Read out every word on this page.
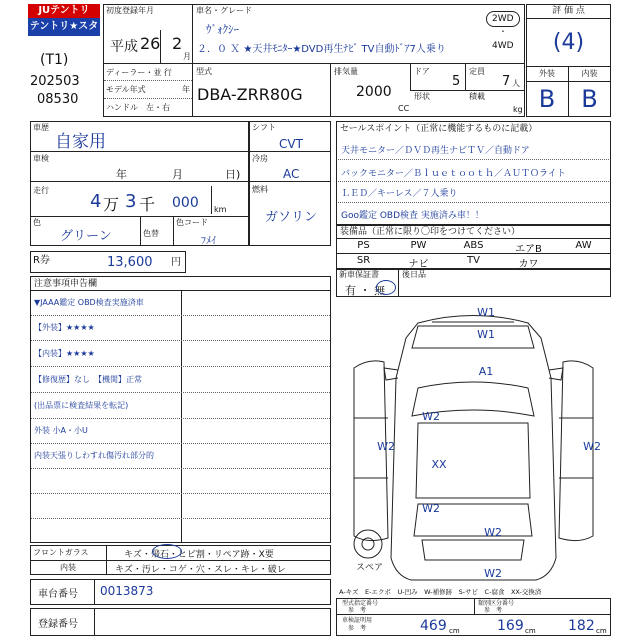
JUテントリ
テントリ★スター
(T1)
202503
08530
初度登録年月
平成 26 2
月
車名・グレード
ｳﾞｫｸｼｰ
２．０ Ｘ ★天井ﾓﾆﾀｰ★DVD再生ﾅﾋﾞ TV自動ﾄﾞｱ7人乗り
2WD
・
4WD
ディーラー・並 行
モデル年式	年
ハンドル　左・右
型式
DBA-ZRR80G
排気量
2000
CC
ドア
5
定員
7 人
形状	積載
kg
評 価 点
(4)
外装	内装
B	B
車歴
自家用
車検
年	月	日)
走行
4 万 3 千 000 km
色
グリーン	色替
色コード
ﾌﾒｲ
シフト
CVT
冷房
AC
燃料
ガソリン
セールスポイント（正常に機能するものに記載）
天井モニター／ＤＶＤ再生ナビＴＶ／自動ドア
バックモニター／Ｂｌｕｅｔｏｏｔｈ／ＡＵＴＯライト
ＬＥＤ／キーレス／７人乗り
Goo鑑定 OBD検査 実施済み車！！
装備品（正常に限り〇印をつけてください）
PS	PW	ABS	エアB	AW
SR	ナビ	TV	カワ
新車保証書
有 ・ 無
後日品
R券	13,600 円
注意事項申告欄
▼JAAA鑑定 OBD検査実施済車
【外装】★★★★
【内装】★★★★
【修復歴】なし　【機関】正常
(出品票に検査結果を転記)
外装 小A・小U
内装天張りしわすれ傷汚れ部分的
フロントガラス	キズ・飛石・ヒビ割・リペア跡・X要
内装	キズ・汚レ・コゲ・穴・スレ・キレ・破レ
車台番号 0013873
登録番号
W1
W1
A1
W2
W2	W2
XX
W2
W2
W2
スペア
A-キズ　E-エクボ　U-凹み　W-補修跡　S-サビ　C-腐食　XX-交換済
型式指定番号
参　考
類別区分番号
参　考
車検証明用
参　考	469 cm	169 cm 182 cm
